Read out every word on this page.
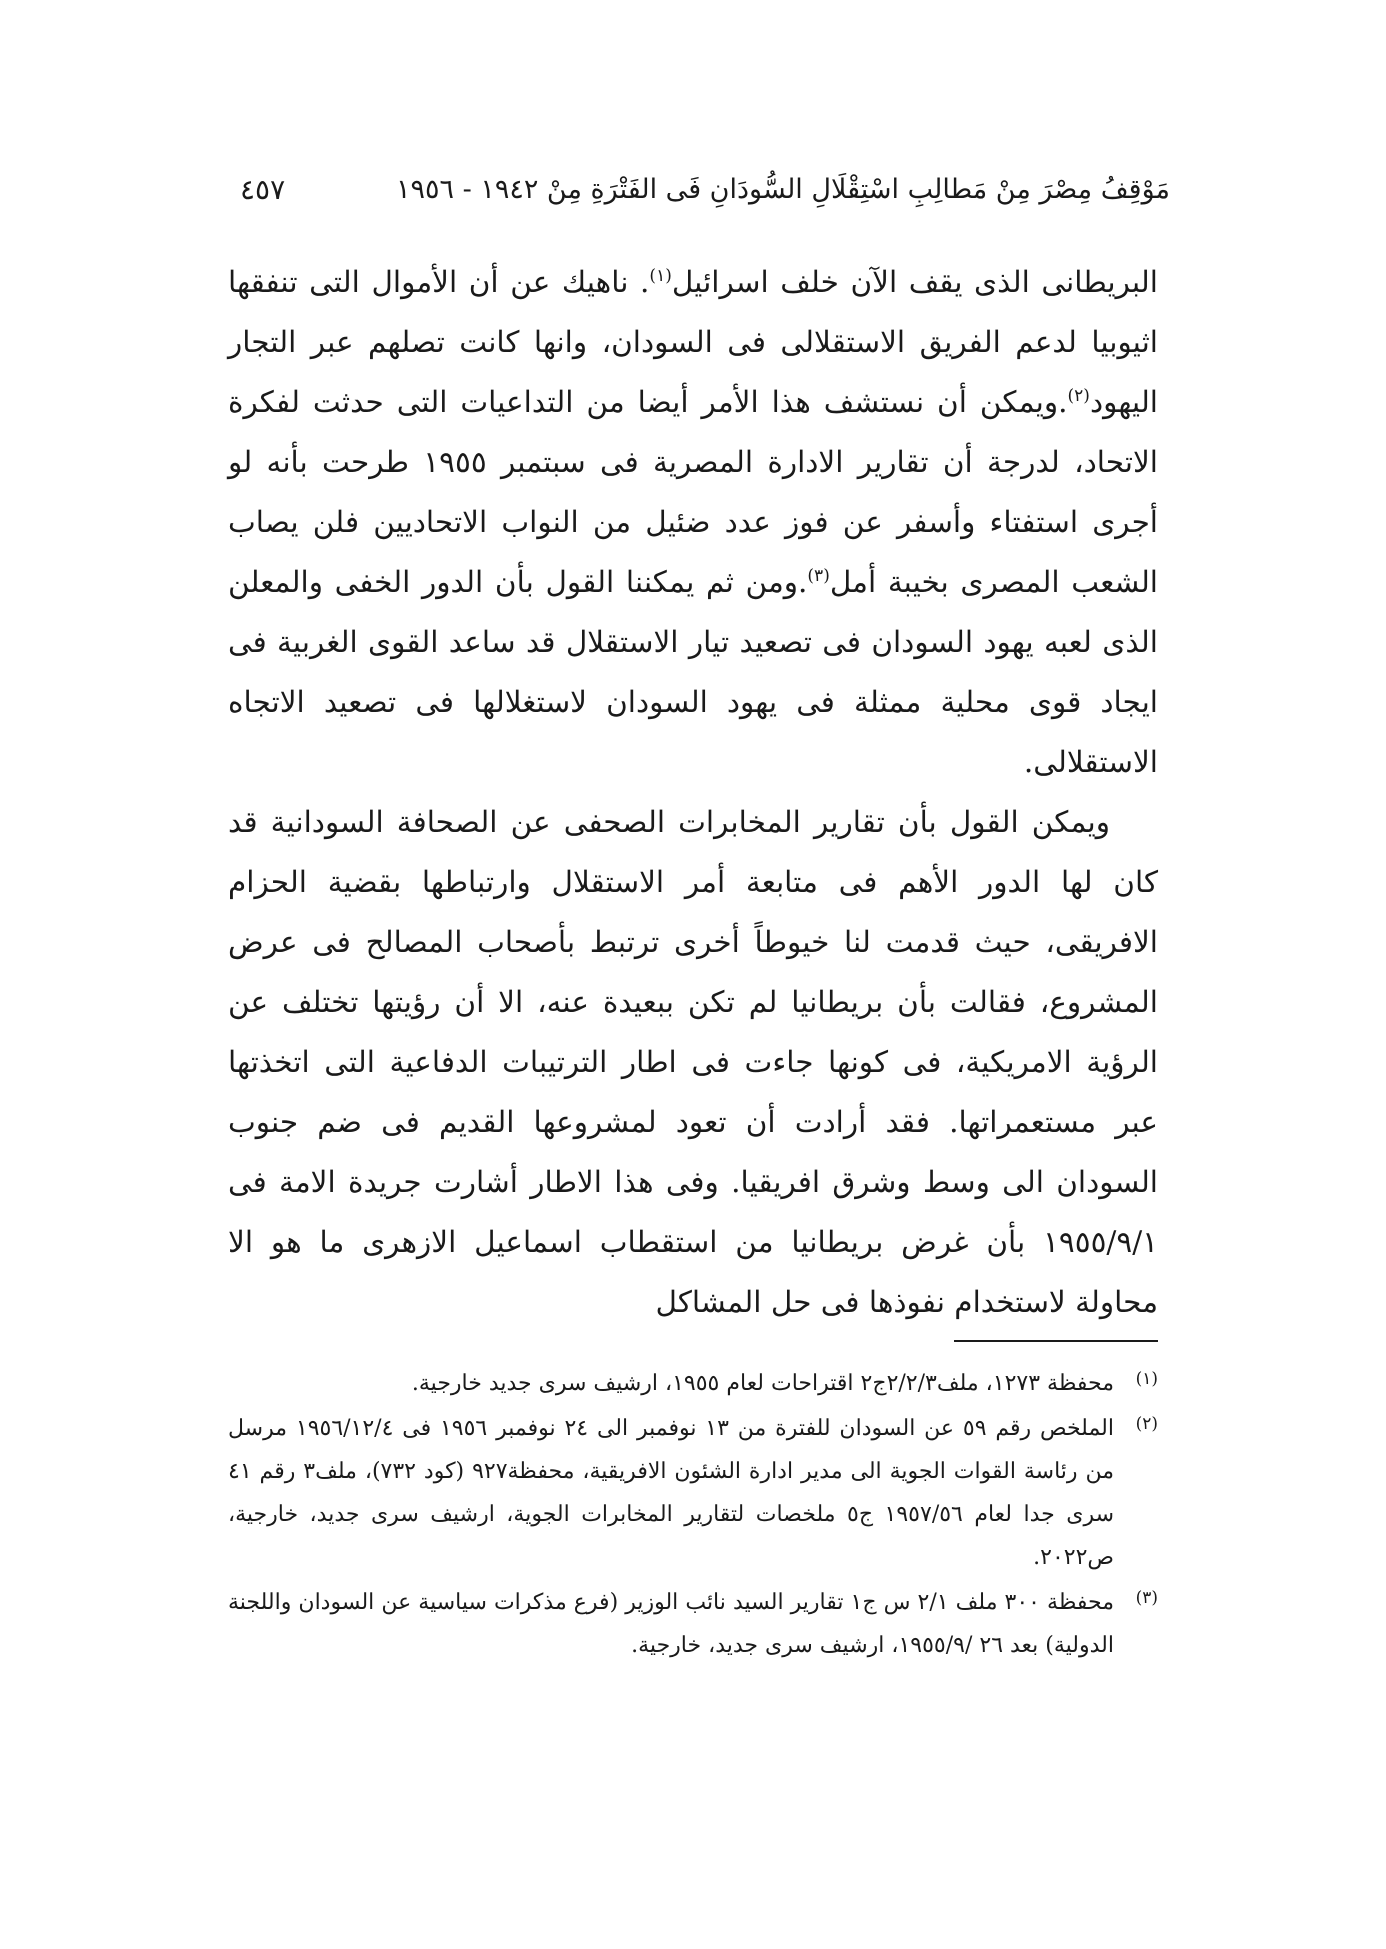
مَوْقِفُ مِصْرَ مِنْ مَطالِبِ اسْتِقْلَالِ السُّودَانِ فَى الفَتْرَةِ مِنْ ١٩٤٢ - ١٩٥٦
٤٥٧

البريطانى الذى يقف الآن خلف اسرائيل$^{(١)}$. ناهيك عن أن الأموال التى تنفقها اثيوبيا لدعم الفريق الاستقلالى فى السودان، وانها كانت تصلهم عبر التجار اليهود$^{(٢)}$.ويمكن أن نستشف هذا الأمر أيضا من التداعيات التى حدثت لفكرة الاتحاد، لدرجة أن تقارير الادارة المصرية فى سبتمبر ١٩٥٥ طرحت بأنه لو أجرى استفتاء وأسفر عن فوز عدد ضئيل من النواب الاتحاديين فلن يصاب الشعب المصرى بخيبة أمل$^{(٣)}$.ومن ثم يمكننا القول بأن الدور الخفى والمعلن الذى لعبه يهود السودان فى تصعيد تيار الاستقلال قد ساعد القوى الغربية فى ايجاد قوى محلية ممثلة فى يهود السودان لاستغلالها فى تصعيد الاتجاه الاستقلالى.

ويمكن القول بأن تقارير المخابرات الصحفى عن الصحافة السودانية قد كان لها الدور الأهم فى متابعة أمر الاستقلال وارتباطها بقضية الحزام الافريقى، حيث قدمت لنا خيوطاً أخرى ترتبط بأصحاب المصالح فى عرض المشروع، فقالت بأن بريطانيا لم تكن ببعيدة عنه، الا أن رؤيتها تختلف عن الرؤية الامريكية، فى كونها جاءت فى اطار الترتيبات الدفاعية التى اتخذتها عبر مستعمراتها. فقد أرادت أن تعود لمشروعها القديم فى ضم جنوب السودان الى وسط وشرق افريقيا. وفى هذا الاطار أشارت جريدة الامة فى ١٩٥٥/٩/١ بأن غرض بريطانيا من استقطاب اسماعيل الازهرى ما هو الا محاولة لاستخدام نفوذها فى حل المشاكل

(١)
محفظة ١٢٧٣، ملف٢/٢/٣ج٢ اقتراحات لعام ١٩٥٥، ارشيف سرى جديد خارجية.

(٢)
الملخص رقم ٥٩ عن السودان للفترة من ١٣ نوفمبر الى ٢٤ نوفمبر ١٩٥٦ فى ١٩٥٦/١٢/٤ مرسل من رئاسة القوات الجوية الى مدير ادارة الشئون الافريقية، محفظة٩٢٧ (كود ٧٣٢)، ملف٣ رقم ٤١ سرى جدا لعام ١٩٥٧/٥٦ ج٥ ملخصات لتقارير المخابرات الجوية، ارشيف سرى جديد، خارجية، ص٢٠٢٢.

(٣)
محفظة ٣٠٠ ملف ٢/١ س ج١ تقارير السيد نائب الوزير (فرع مذكرات سياسية عن السودان واللجنة الدولية) بعد ٢٦ /١٩٥٥/٩، ارشيف سرى جديد، خارجية.
